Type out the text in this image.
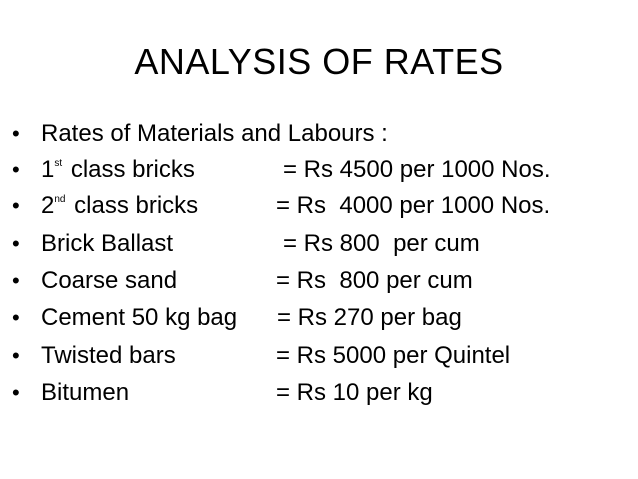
ANALYSIS OF RATES
• Rates of Materials and Labours :
• 1st class bricks	= Rs 4500 per 1000 Nos.
• 2nd class bricks	= Rs  4000 per 1000 Nos.
• Brick Ballast	= Rs 800  per cum
• Coarse sand	= Rs  800 per cum
• Cement 50 kg bag = Rs 270 per bag
• Twisted bars	= Rs 5000 per Quintel
• Bitumen	= Rs 10 per kg
